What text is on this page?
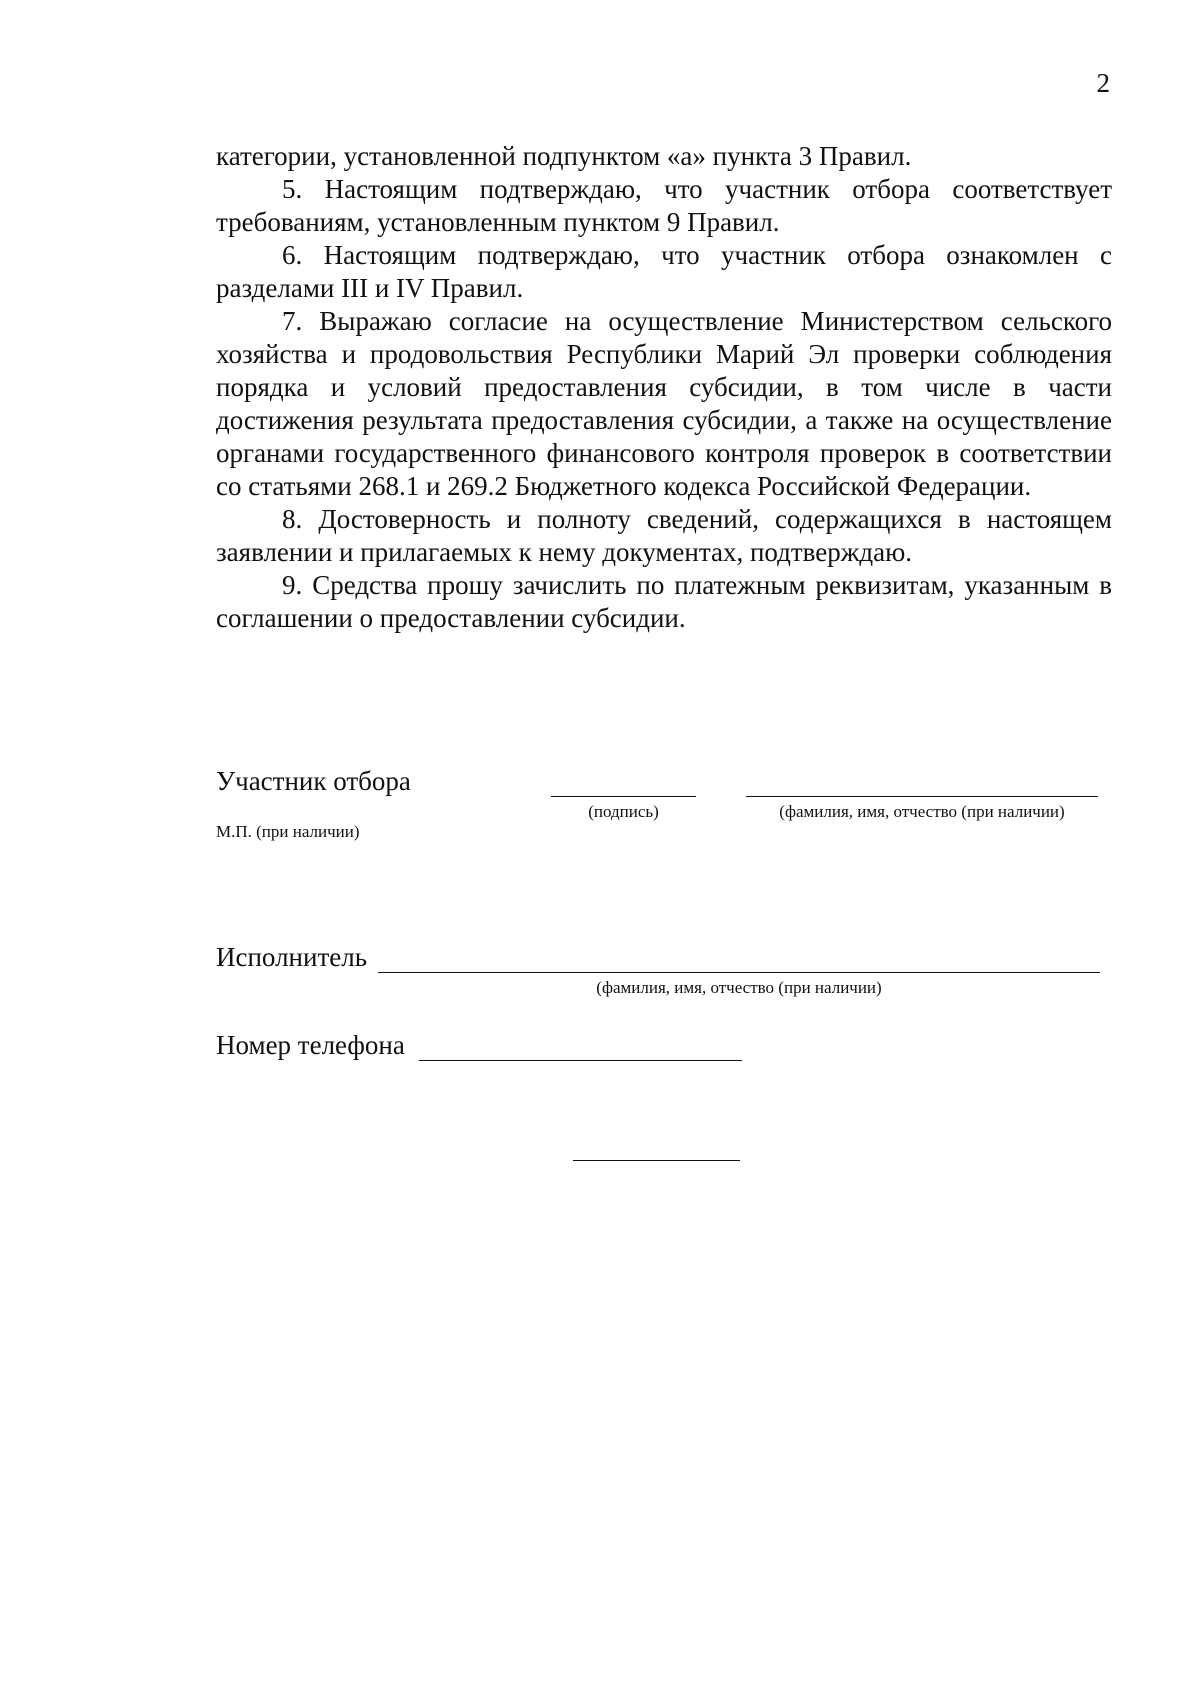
2

категории, установленной подпунктом «а» пункта 3 Правил.

5. Настоящим подтверждаю, что участник отбора соответствует требованиям, установленным пунктом 9 Правил.

6. Настоящим подтверждаю, что участник отбора ознакомлен с разделами III и IV Правил.

7. Выражаю согласие на осуществление Министерством сельского хозяйства и продовольствия Республики Марий Эл проверки соблюдения порядка и условий предоставления субсидии, в том числе в части достижения результата предоставления субсидии, а также на осуществление органами государственного финансового контроля проверок в соответствии со статьями 268.1 и 269.2 Бюджетного кодекса Российской Федерации.

8. Достоверность и полноту сведений, содержащихся в настоящем заявлении и прилагаемых к нему документах, подтверждаю.

9. Средства прошу зачислить по платежным реквизитам, указанным в соглашении о предоставлении субсидии.

Участник отбора
(подпись)	(фамилия, имя, отчество (при наличии)
М.П. (при наличии)
Исполнитель
(фамилия, имя, отчество (при наличии)
Номер телефона
